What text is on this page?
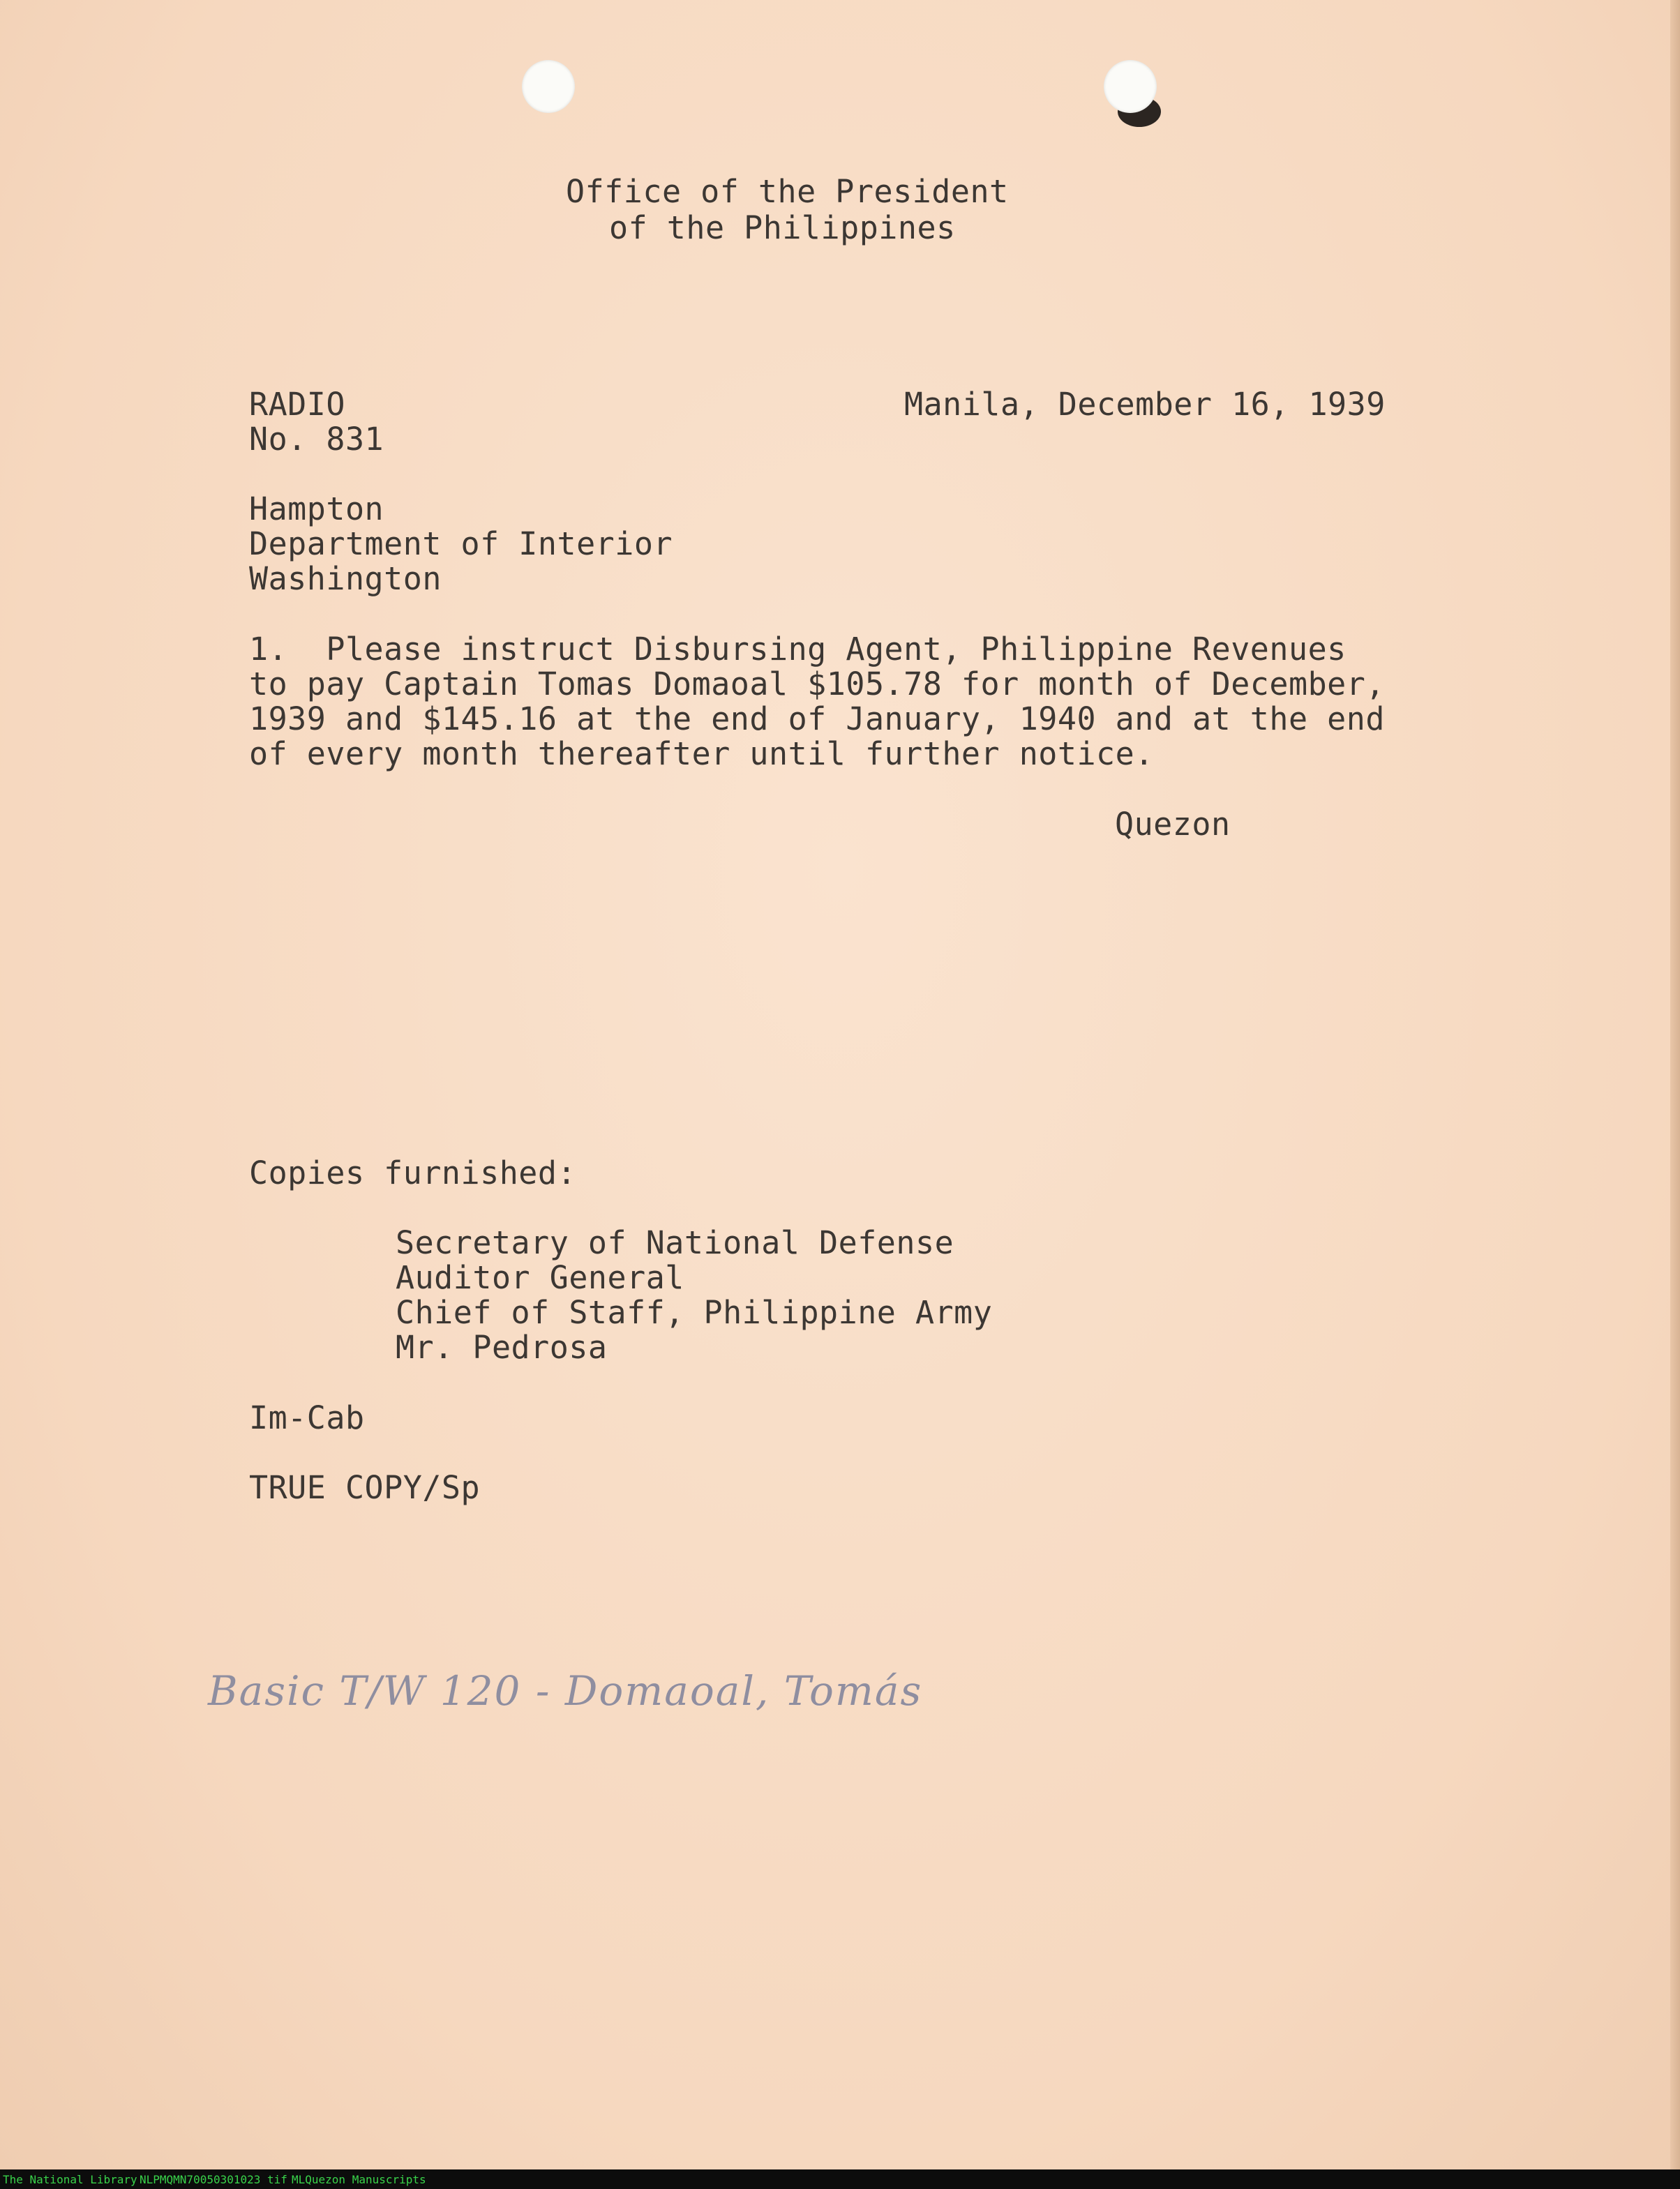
Office of the President
of the Philippines
RADIO
No. 831
Manila, December 16, 1939
Hampton
Department of Interior
Washington
1.  Please instruct Disbursing Agent, Philippine Revenues
to pay Captain Tomas Domaoal $105.78 for month of December,
1939 and $145.16 at the end of January, 1940 and at the end
of every month thereafter until further notice.
Quezon
Copies furnished:
Secretary of National Defense
Auditor General
Chief of Staff, Philippine Army
Mr. Pedrosa
Im-Cab
TRUE COPY/Sp
Basic T/W 120 - Domaoal, Tomás
The National Library NLPMQMN70050301023 tif MLQuezon Manuscripts
